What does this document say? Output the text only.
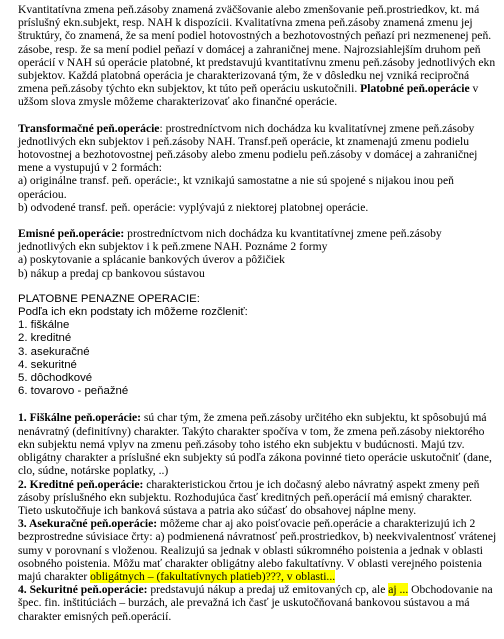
Kvantitatívna zmena peň.zásoby znamená zväčšovanie alebo zmenšovanie peň.prostriedkov, kt. má príslušný ekn.subjekt, resp. NAH k dispozícii. Kvalitatívna zmena peň.zásoby znamená zmenu jej štruktúry, čo znamená, že sa mení podiel hotovostných a bezhotovostných peňazí pri nezmenenej peň. zásobe, resp. že sa mení podiel peňazí v domácej a zahraničnej mene. Najrozsiahlejším druhom peň operácií v NAH sú operácie platobné, kt predstavujú kvantitatívnu zmenu peň.zásoby jednotlivých ekn subjektov. Každá platobná operácia je charakterizovaná tým, že v dôsledku nej vzniká recipročná zmena peň.zásoby týchto ekn subjektov, kt túto peň operáciu uskutočnili. Platobné peň.operácie v užšom slova zmysle môžeme charakterizovať ako finančné operácie.

Transformačné peň.operácie: prostredníctvom nich dochádza ku kvalitatívnej zmene peň.zásoby jednotlivých ekn subjektov i peň.zásoby NAH. Transf.peň operácie, kt znamenajú zmenu podielu hotovostnej a bezhotovostnej peň.zásoby alebo zmenu podielu peň.zásoby v domácej a zahraničnej mene a vystupujú v 2 formách:

a) originálne transf. peň. operácie:, kt vznikajú samostatne a nie sú spojené s nijakou inou peň operáciou.
b) odvodené transf. peň. operácie: vyplývajú z niektorej platobnej operácie.

Emisné peň.operácie: prostredníctvom nich dochádza ku kvantitatívnej zmene peň.zásoby jednotlivých ekn subjektov i k peň.zmene NAH. Poznáme 2 formy

a) poskytovanie a splácanie bankových úverov a pôžičiek
b) nákup a predaj cp bankovou sústavou
PLATOBNE PENAZNE OPERACIE:
Podľa ich ekn podstaty ich môžeme rozčleniť:
1. fiškálne
2. kreditné
3. asekuračné
4. sekuritné
5. dôchodkové
6. tovarovo - peňažné

1. Fiškálne peň.operácie: sú char tým, že zmena peň.zásoby určitého ekn subjektu, kt spôsobujú má nenávratný (definitívny) charakter. Takýto charakter spočíva v tom, že zmena peň.zásoby niektorého ekn subjektu nemá vplyv na zmenu peň.zásoby toho istého ekn subjektu v budúcnosti. Majú tzv. obligátny charakter a príslušné ekn subjekty sú podľa zákona povinné tieto operácie uskutočniť (dane, clo, súdne, notárske poplatky, ..)

2. Kreditné peň.operácie: charakteristickou črtou je ich dočasný alebo návratný aspekt zmeny peň zásoby príslušného ekn subjektu. Rozhodujúca časť kreditných peň.operácií má emisný charakter. Tieto uskutočňuje ich banková sústava a patria ako súčasť do obsahovej náplne meny.

3. Asekuračné peň.operácie: môžeme char aj ako poisťovacie peň.operácie a charakterizujú ich 2 bezprostredne súvisiace črty: a) podmienená návratnosť peň.prostriedkov, b) neekvivalentnosť vrátenej sumy v porovnaní s vloženou. Realizujú sa jednak v oblasti súkromného poistenia a jednak v oblasti osobného poistenia. Môžu mať charakter obligátny alebo fakultatívny. V oblasti verejného poistenia majú charakter obligátnych – (fakultatívnych platieb)???, v oblasti...

4. Sekuritné peň.operácie: predstavujú nákup a predaj už emitovaných cp, ale aj ... Obchodovanie na špec. fin. inštitúciách – burzách, ale prevažná ich časť je uskutočňovaná bankovou sústavou a má charakter emisných peň.operácií.
